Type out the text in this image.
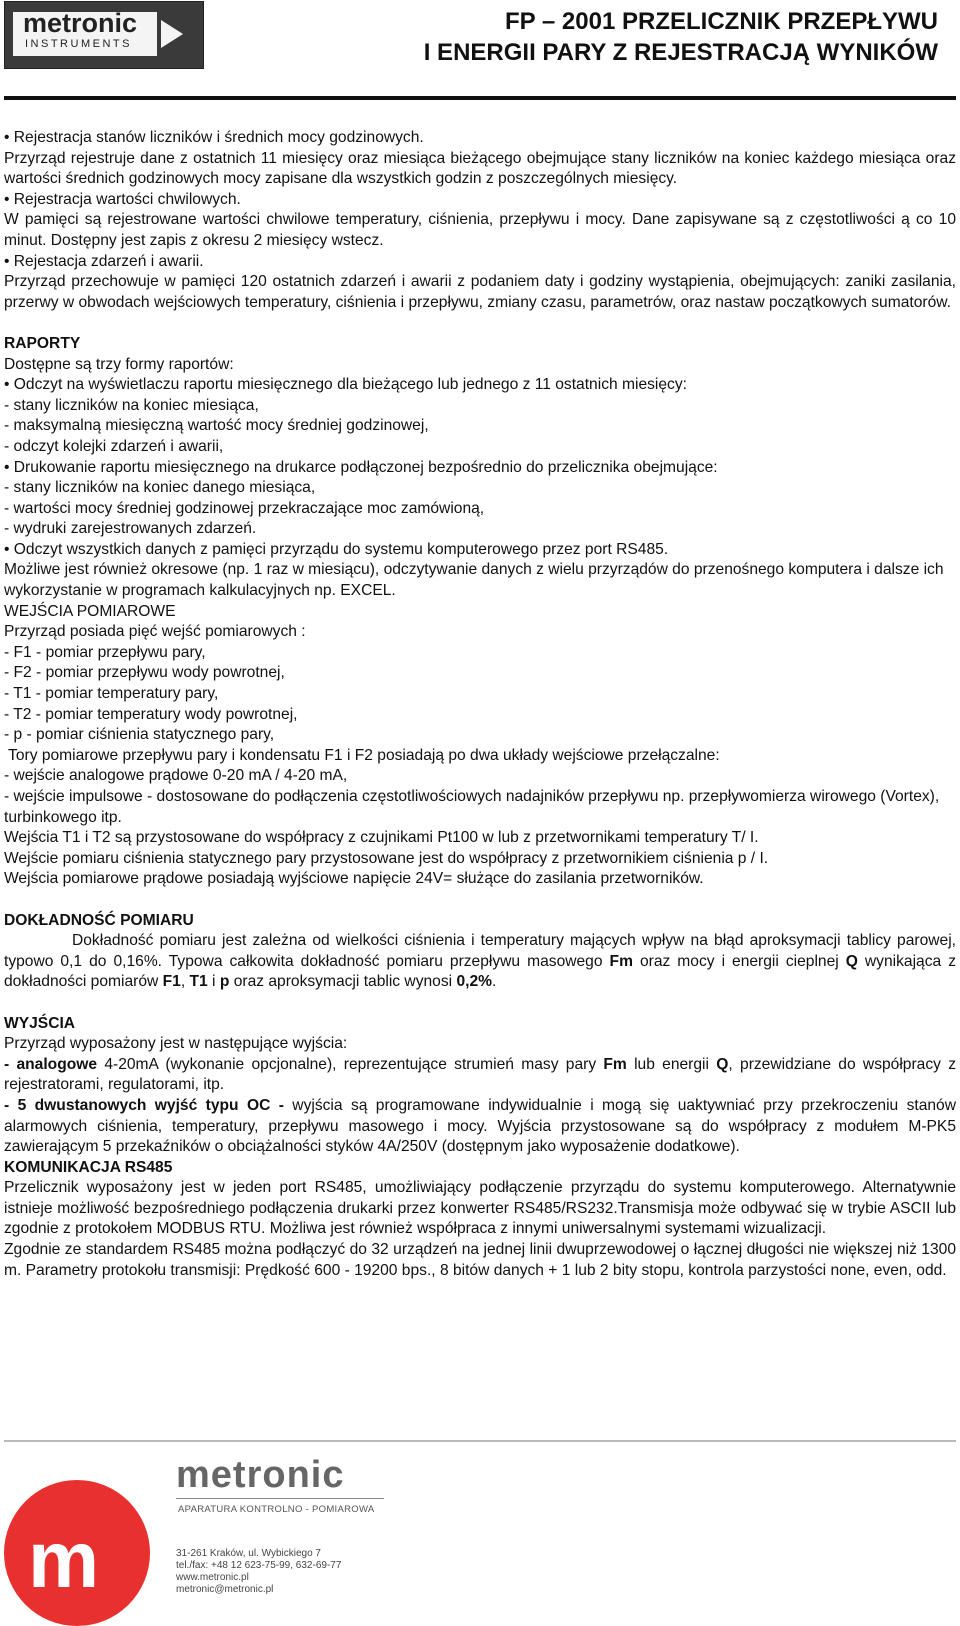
metronic
INSTRUMENTS
FP – 2001 PRZELICZNIK PRZEPŁYWU
I ENERGII PARY Z REJESTRACJĄ WYNIKÓW

• Rejestracja stanów liczników i średnich mocy godzinowych.

Przyrząd rejestruje dane z ostatnich 11 miesięcy oraz miesiąca bieżącego obejmujące stany liczników na koniec każdego miesiąca oraz wartości średnich godzinowych mocy zapisane dla wszystkich godzin z poszczególnych miesięcy.

• Rejestracja wartości chwilowych.

W pamięci są rejestrowane wartości chwilowe temperatury, ciśnienia, przepływu i mocy. Dane zapisywane są z częstotliwości ą co 10 minut. Dostępny jest zapis z okresu 2 miesięcy wstecz.

• Rejestacja zdarzeń i awarii.

Przyrząd przechowuje w pamięci 120 ostatnich zdarzeń i awarii z podaniem daty i godziny wystąpienia, obejmujących: zaniki zasilania, przerwy w obwodach wejściowych temperatury, ciśnienia i przepływu, zmiany czasu, parametrów, oraz nastaw początkowych sumatorów.

RAPORTY

Dostępne są trzy formy raportów:

• Odczyt na wyświetlaczu raportu miesięcznego dla bieżącego lub jednego z 11 ostatnich miesięcy:

- stany liczników na koniec miesiąca,

- maksymalną miesięczną wartość mocy średniej godzinowej,

- odczyt kolejki zdarzeń i awarii,

• Drukowanie raportu miesięcznego na drukarce podłączonej bezpośrednio do przelicznika obejmujące:

- stany liczników na koniec danego miesiąca,

- wartości mocy średniej godzinowej przekraczające moc zamówioną,

- wydruki zarejestrowanych zdarzeń.

• Odczyt wszystkich danych z pamięci przyrządu do systemu komputerowego przez port RS485.

Możliwe jest również okresowe (np. 1 raz w miesiącu), odczytywanie danych z wielu przyrządów do przenośnego komputera i dalsze ich wykorzystanie w programach kalkulacyjnych np. EXCEL.

WEJŚCIA POMIAROWE

Przyrząd posiada pięć wejść pomiarowych :

- F1 - pomiar przepływu pary,

- F2 - pomiar przepływu wody powrotnej,

- T1 - pomiar temperatury pary,

- T2 - pomiar temperatury wody powrotnej,

- p - pomiar ciśnienia statycznego pary,

Tory pomiarowe przepływu pary i kondensatu F1 i F2 posiadają po dwa układy wejściowe przełączalne:

- wejście analogowe prądowe 0-20 mA / 4-20 mA,

- wejście impulsowe - dostosowane do podłączenia częstotliwościowych nadajników przepływu np. przepływomierza wirowego (Vortex), turbinkowego itp.

Wejścia T1 i T2 są przystosowane do współpracy z czujnikami Pt100 w lub z przetwornikami temperatury T/ I.

Wejście pomiaru ciśnienia statycznego pary przystosowane jest do współpracy z przetwornikiem ciśnienia p / I.

Wejścia pomiarowe prądowe posiadają wyjściowe napięcie 24V= służące do zasilania przetworników.

DOKŁADNOŚĆ POMIARU

Dokładność pomiaru jest zależna od wielkości ciśnienia i temperatury mających wpływ na błąd aproksymacji tablicy parowej, typowo 0,1 do 0,16%. Typowa całkowita dokładność pomiaru przepływu masowego Fm oraz mocy i energii cieplnej Q wynikająca z dokładności pomiarów F1, T1 i p oraz aproksymacji tablic wynosi 0,2%.

WYJŚCIA

Przyrząd wyposażony jest w następujące wyjścia:

- analogowe 4-20mA (wykonanie opcjonalne), reprezentujące strumień masy pary Fm lub energii Q, przewidziane do współpracy z rejestratorami, regulatorami, itp.

- 5 dwustanowych wyjść typu OC - wyjścia są programowane indywidualnie i mogą się uaktywniać przy przekroczeniu stanów alarmowych ciśnienia, temperatury, przepływu masowego i mocy. Wyjścia przystosowane są do współpracy z modułem M-PK5 zawierającym 5 przekaźników o obciążalności styków 4A/250V (dostępnym jako wyposażenie dodatkowe).

KOMUNIKACJA RS485

Przelicznik wyposażony jest w jeden port RS485, umożliwiający podłączenie przyrządu do systemu komputerowego. Alternatywnie istnieje możliwość bezpośredniego podłączenia drukarki przez konwerter RS485/RS232.Transmisja może odbywać się w trybie ASCII lub zgodnie z protokołem MODBUS RTU. Możliwa jest również współpraca z innymi uniwersalnymi systemami wizualizacji.

Zgodnie ze standardem RS485 można podłączyć do 32 urządzeń na jednej linii dwuprzewodowej o łącznej długości nie większej niż 1300 m. Parametry protokołu transmisji: Prędkość 600 - 19200 bps., 8 bitów danych + 1 lub 2 bity stopu, kontrola parzystości none, even, odd.

m
metronic
APARATURA KONTROLNO - POMIAROWA
31-261 Kraków, ul. Wybickiego 7
tel./fax: +48 12 623-75-99, 632-69-77
www.metronic.pl
metronic@metronic.pl
